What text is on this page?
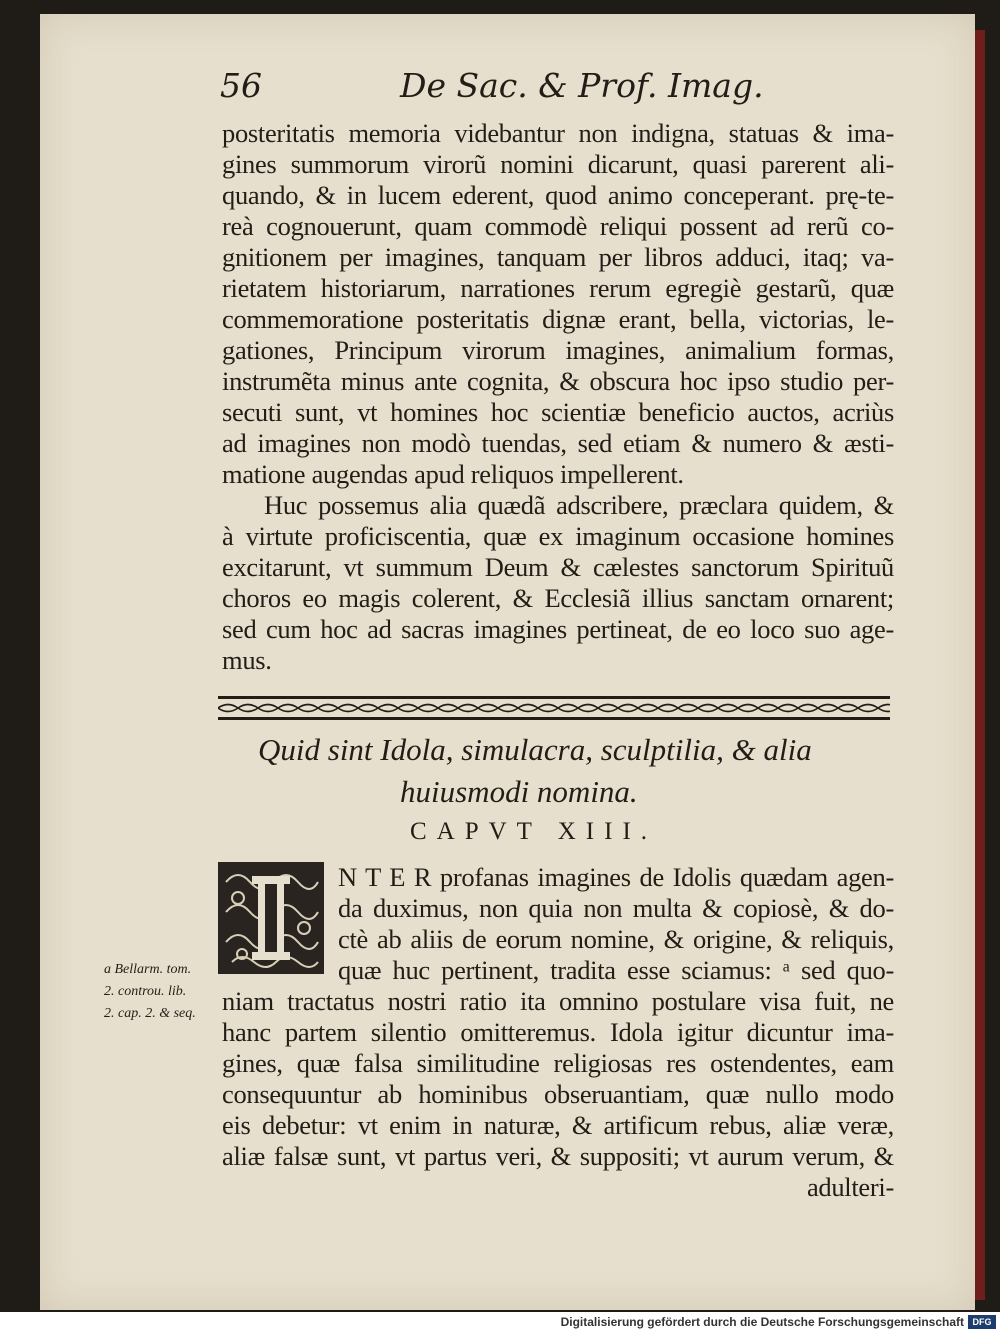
56	De Sac. & Prof. Imag.
posteritatis memoria videbantur non indigna, statuas & ima-
gines summorum virorũ nomini dicarunt, quasi parerent ali-
quando, & in lucem ederent, quod animo conceperant. prę-te-
reà cognouerunt, quam commodè reliqui possent ad rerũ co-
gnitionem per imagines, tanquam per libros adduci, itaq; va-
rietatem historiarum, narrationes rerum egregiè gestarũ, quæ
commemoratione posteritatis dignæ erant, bella, victorias, le-
gationes, Principum virorum imagines, animalium formas,
instrumẽta minus ante cognita, & obscura hoc ipso studio per-
secuti sunt, vt homines hoc scientiæ beneficio auctos, acriùs
ad imagines non modò tuendas, sed etiam & numero & æsti-
matione augendas apud reliquos impellerent.
Huc possemus alia quædã adscribere, præclara quidem, &
à virtute proficiscentia, quæ ex imaginum occasione homines
excitarunt, vt summum Deum & cælestes sanctorum Spirituũ
choros eo magis colerent, & Ecclesiã illius sanctam ornarent;
sed cum hoc ad sacras imagines pertineat, de eo loco suo age-
mus.
Quid sint Idola, simulacra, sculptilia, & alia
huiusmodi nomina.
CAPVT XIII.
N T E R profanas imagines de Idolis quædam agen-
da duximus, non quia non multa & copiosè, & do-
ctè ab aliis de eorum nomine, & origine, & reliquis,
quæ huc pertinent, tradita esse sciamus: ᵃ sed quo-
niam tractatus nostri ratio ita omnino postulare visa fuit, ne
hanc partem silentio omitteremus. Idola igitur dicuntur ima-
gines, quæ falsa similitudine religiosas res ostendentes, eam
consequuntur ab hominibus obseruantiam, quæ nullo modo
eis debetur: vt enim in naturæ, & artificum rebus, aliæ veræ,
aliæ falsæ sunt, vt partus veri, & suppositi; vt aurum verum, &
adulteri-
a Bellarm. tom.
2. controu. lib.
2. cap. 2. & seq.
Digitalisierung gefördert durch die Deutsche Forschungsgemeinschaft DFG
